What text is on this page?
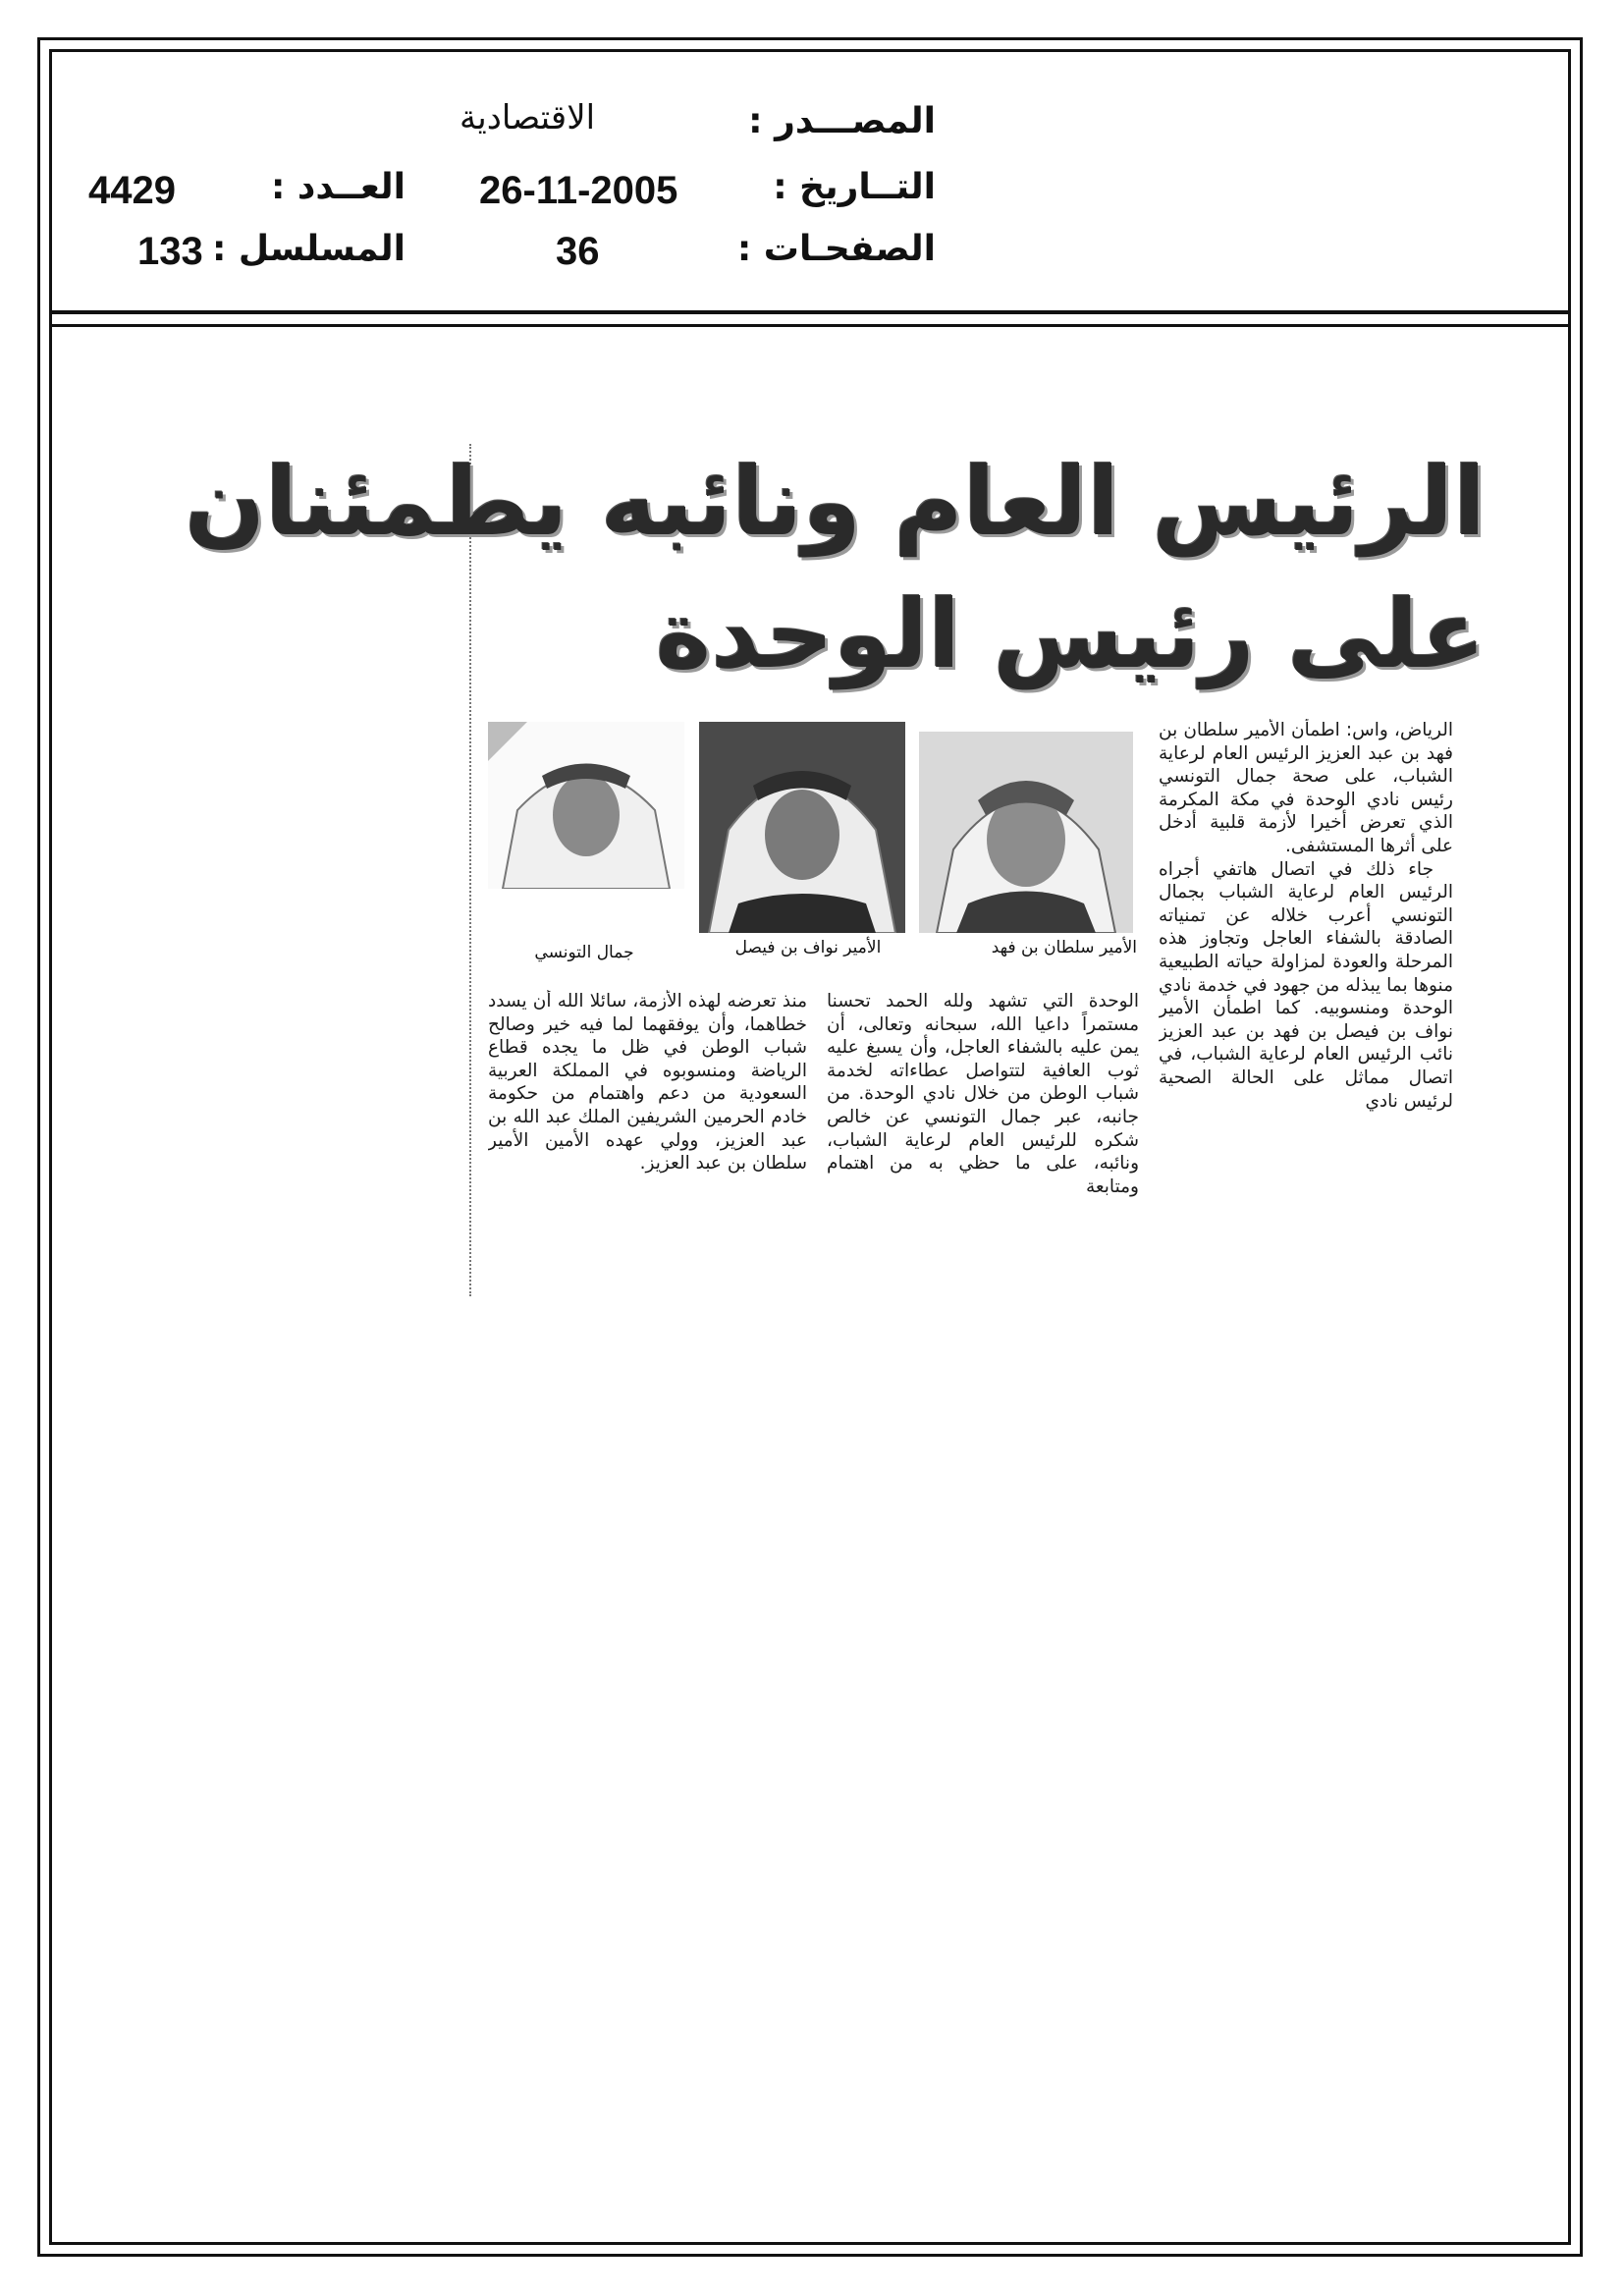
المصـــدر :
الاقتصادية
التــاريخ :
26-11-2005
العــدد :
4429
الصفحـات :
36
المسلسل :
133
الرئيس العام ونائبه يطمئنان
على رئيس الوحدة
الأمير سلطان بن فهد
الأمير نواف بن فيصل
جمال التونسي

الرياض، واس: اطمأن الأمير سلطان بن فهد بن عبد العزيز الرئيس العام لرعاية الشباب، على صحة جمال التونسي رئيس نادي الوحدة في مكة المكرمة الذي تعرض أخيرا لأزمة قلبية أدخل على أثرها المستشفى.

جاء ذلك في اتصال هاتفي أجراه الرئيس العام لرعاية الشباب بجمال التونسي أعرب خلاله عن تمنياته الصادقة بالشفاء العاجل وتجاوز هذه المرحلة والعودة لمزاولة حياته الطبيعية منوها بما يبذله من جهود في خدمة نادي الوحدة ومنسوبيه. كما اطمأن الأمير نواف بن فيصل بن فهد بن عبد العزيز نائب الرئيس العام لرعاية الشباب، في اتصال مماثل على الحالة الصحية لرئيس نادي

الوحدة التي تشهد ولله الحمد تحسنا مستمراً داعيا الله، سبحانه وتعالى، أن يمن عليه بالشفاء العاجل، وأن يسبغ عليه ثوب العافية لتتواصل عطاءاته لخدمة شباب الوطن من خلال نادي الوحدة. من جانبه، عبر جمال التونسي عن خالص شكره للرئيس العام لرعاية الشباب، ونائبه، على ما حظي به من اهتمام ومتابعة

منذ تعرضه لهذه الأزمة، سائلا الله أن يسدد خطاهما، وأن يوفقهما لما فيه خير وصالح شباب الوطن في ظل ما يجده قطاع الرياضة ومنسوبوه في المملكة العربية السعودية من دعم واهتمام من حكومة خادم الحرمين الشريفين الملك عبد الله بن عبد العزيز، وولي عهده الأمين الأمير سلطان بن عبد العزيز.
